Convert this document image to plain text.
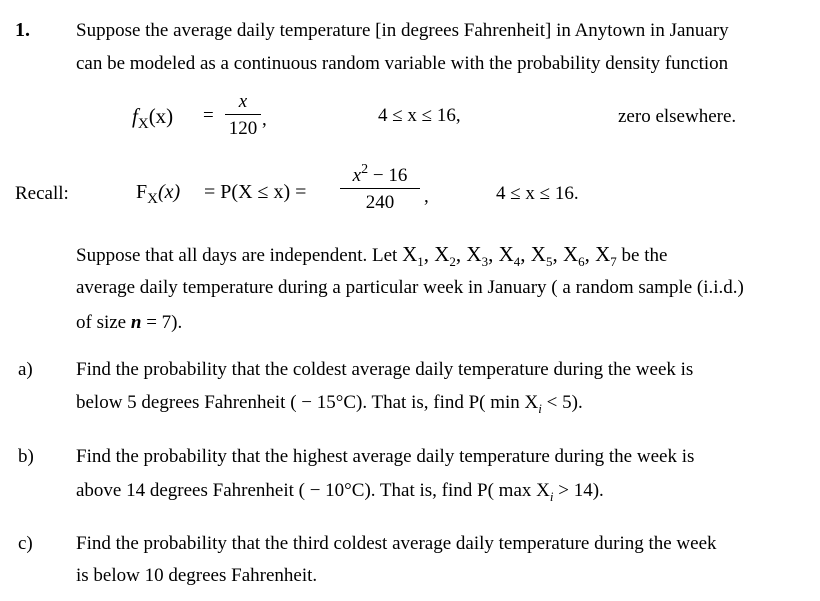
1. Suppose the average daily temperature [in degrees Fahrenheit] in Anytown in January
can be modeled as a continuous random variable with the probability density function
$f_X(x)$ =
x
120 ,	4 ≤ x ≤ 16,	zero elsewhere.
Recall:	$F_X(x) = P(X \le x)$ =
$x^2 - 16$
240	,	4 ≤ x ≤ 16.
Suppose that all days are independent. Let $X_1$, $X_2$, $X_3$, $X_4$, $X_5$, $X_6$, $X_7$ be the
average daily temperature during a particular week in January ( a random sample (i.i.d.)
of size n = 7).
a) Find the probability that the coldest average daily temperature during the week is
below 5 degrees Fahrenheit ( − 15°C). That is, find P( $\min X_i < 5$).
b) Find the probability that the highest average daily temperature during the week is
above 14 degrees Fahrenheit ( − 10°C). That is, find P( $\max X_i > 14$).
c) Find the probability that the third coldest average daily temperature during the week
is below 10 degrees Fahrenheit.
